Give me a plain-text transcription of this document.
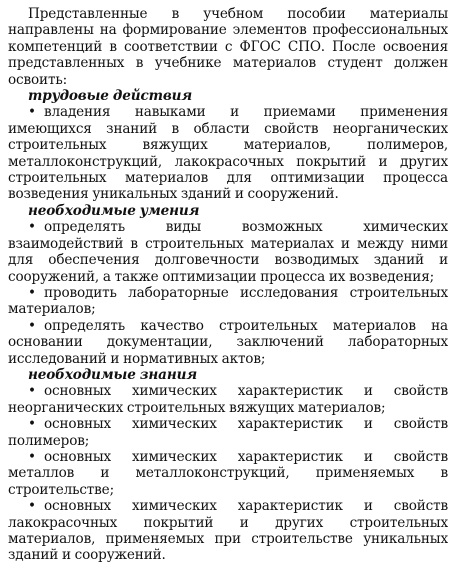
Представленные в учебном пособии материалы направлены на формирование элементов профессиональных компетенций в соответствии с ФГОС СПО. После освоения представленных в учебнике материалов студент должен освоить:

трудовые действия

• владения навыками и приемами применения имеющихся знаний в области свойств неорганических строительных вяжущих материалов, полимеров, металлоконструкций, лакокрасочных покрытий и других строительных материалов для оптимизации процесса возведения уникальных зданий и сооружений.

необходимые умения

• определять виды возможных химических взаимодействий в строительных материалах и между ними для обеспечения долговечности возводимых зданий и сооружений, а также оптимизации процесса их возведения;

• проводить лабораторные исследования строительных материалов;

• определять качество строительных материалов на основании документации, заключений лабораторных исследований и нормативных актов;

необходимые знания

• основных химических характеристик и свойств неорганических строительных вяжущих материалов;

• основных химических характеристик и свойств полимеров;

• основных химических характеристик и свойств металлов и металлоконструкций, применяемых в строительстве;

• основных химических характеристик и свойств лакокрасочных покрытий и других строительных материалов, применяемых при строительстве уникальных зданий и сооружений.
